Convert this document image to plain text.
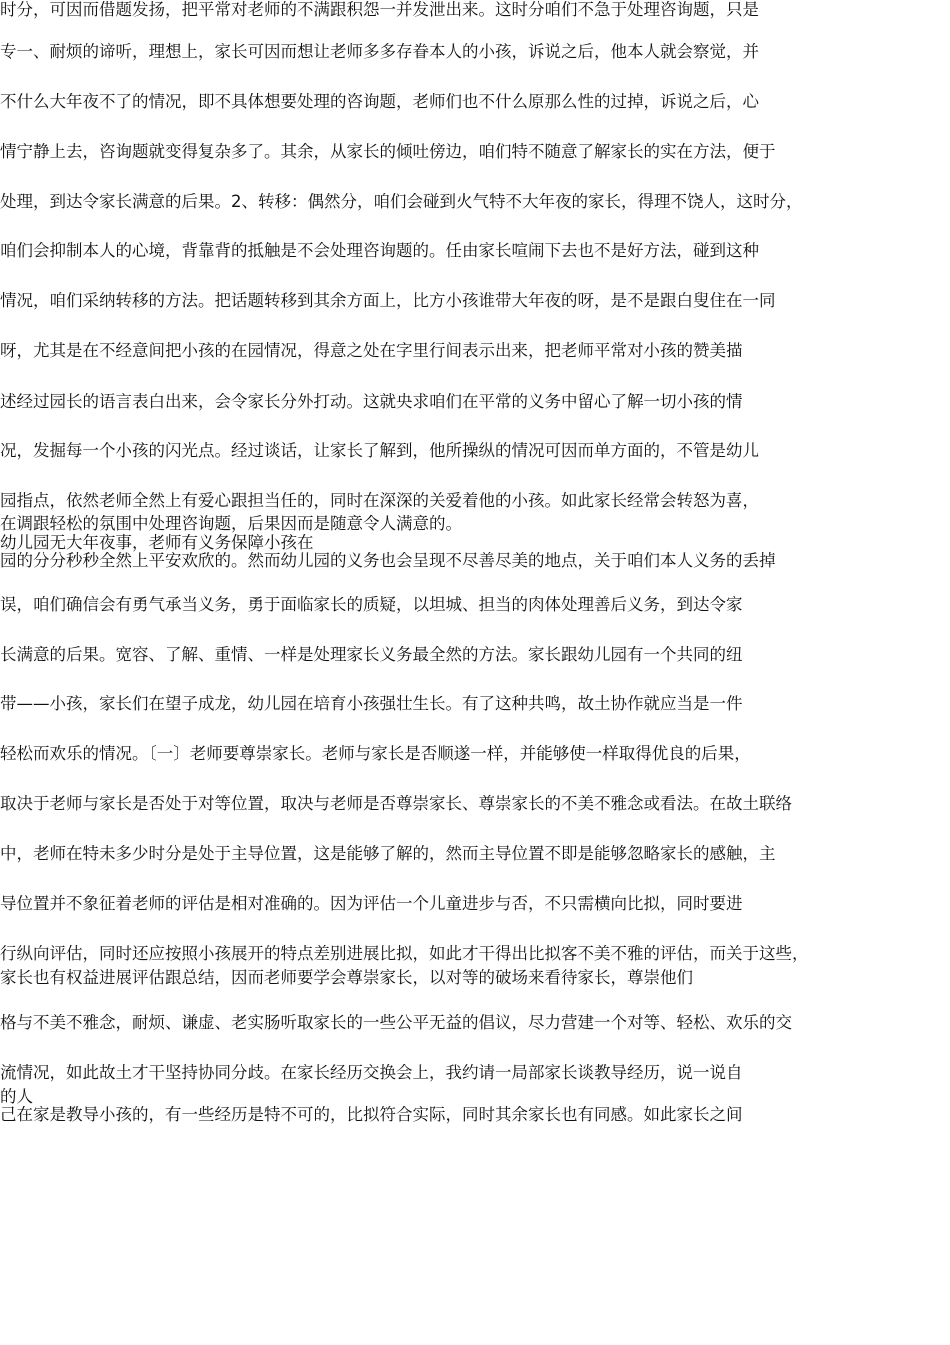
时分，可因而借题发扬，把平常对老师的不满跟积怨一并发泄出来。这时分咱们不急于处理咨询题，只是
专一、耐烦的谛听，理想上，家长可因而想让老师多多存眷本人的小孩，诉说之后，他本人就会察觉，并
不什么大年夜不了的情况，即不具体想要处理的咨询题，老师们也不什么原那么性的过掉，诉说之后，心
情宁静上去，咨询题就变得复杂多了。其余，从家长的倾吐傍边，咱们特不随意了解家长的实在方法，便于
处理，到达令家长满意的后果。2、转移：偶然分，咱们会碰到火气特不大年夜的家长，得理不饶人，这时分，
咱们会抑制本人的心境，背靠背的抵触是不会处理咨询题的。任由家长喧闹下去也不是好方法，碰到这种
情况，咱们采纳转移的方法。把话题转移到其余方面上，比方小孩谁带大年夜的呀，是不是跟白叟住在一同
呀，尤其是在不经意间把小孩的在园情况，得意之处在字里行间表示出来，把老师平常对小孩的赞美描
述经过园长的语言表白出来，会令家长分外打动。这就央求咱们在平常的义务中留心了解一切小孩的情
况，发掘每一个小孩的闪光点。经过谈话，让家长了解到，他所操纵的情况可因而单方面的，不管是幼儿
园指点，依然老师全然上有爱心跟担当任的，同时在深深的关爱着他的小孩。如此家长经常会转怒为喜，
在调跟轻松的氛围中处理咨询题，后果因而是随意令人满意的。
幼儿园无大年夜事，老师有义务保障小孩在
园的分分秒秒全然上平安欢欣的。然而幼儿园的义务也会呈现不尽善尽美的地点，关于咱们本人义务的丢掉
误，咱们确信会有勇气承当义务，勇于面临家长的质疑，以坦城、担当的肉体处理善后义务，到达令家
长满意的后果。宽容、了解、重情、一样是处理家长义务最全然的方法。家长跟幼儿园有一个共同的纽
带——小孩，家长们在望子成龙，幼儿园在培育小孩强壮生长。有了这种共鸣，故土协作就应当是一件
轻松而欢乐的情况。〔一〕老师要尊崇家长。老师与家长是否顺遂一样，并能够使一样取得优良的后果，
取决于老师与家长是否处于对等位置，取决与老师是否尊崇家长、尊崇家长的不美不雅念或看法。在故土联络
中，老师在特未多少时分是处于主导位置，这是能够了解的，然而主导位置不即是能够忽略家长的感触，主
导位置并不象征着老师的评估是相对准确的。因为评估一个儿童进步与否，不只需横向比拟，同时要进
行纵向评估，同时还应按照小孩展开的特点差别进展比拟，如此才干得出比拟客不美不雅的评估，而关于这些，
家长也有权益进展评估跟总结，因而老师要学会尊崇家长，以对等的破场来看待家长，尊崇他们
的人
格与不美不雅念，耐烦、谦虚、老实肠听取家长的一些公平无益的倡议，尽力营建一个对等、轻松、欢乐的交
流情况，如此故土才干坚持协同分歧。在家长经历交换会上，我约请一局部家长谈教导经历，说一说自
己在家是教导小孩的，有一些经历是特不可的，比拟符合实际，同时其余家长也有同感。如此家长之间
